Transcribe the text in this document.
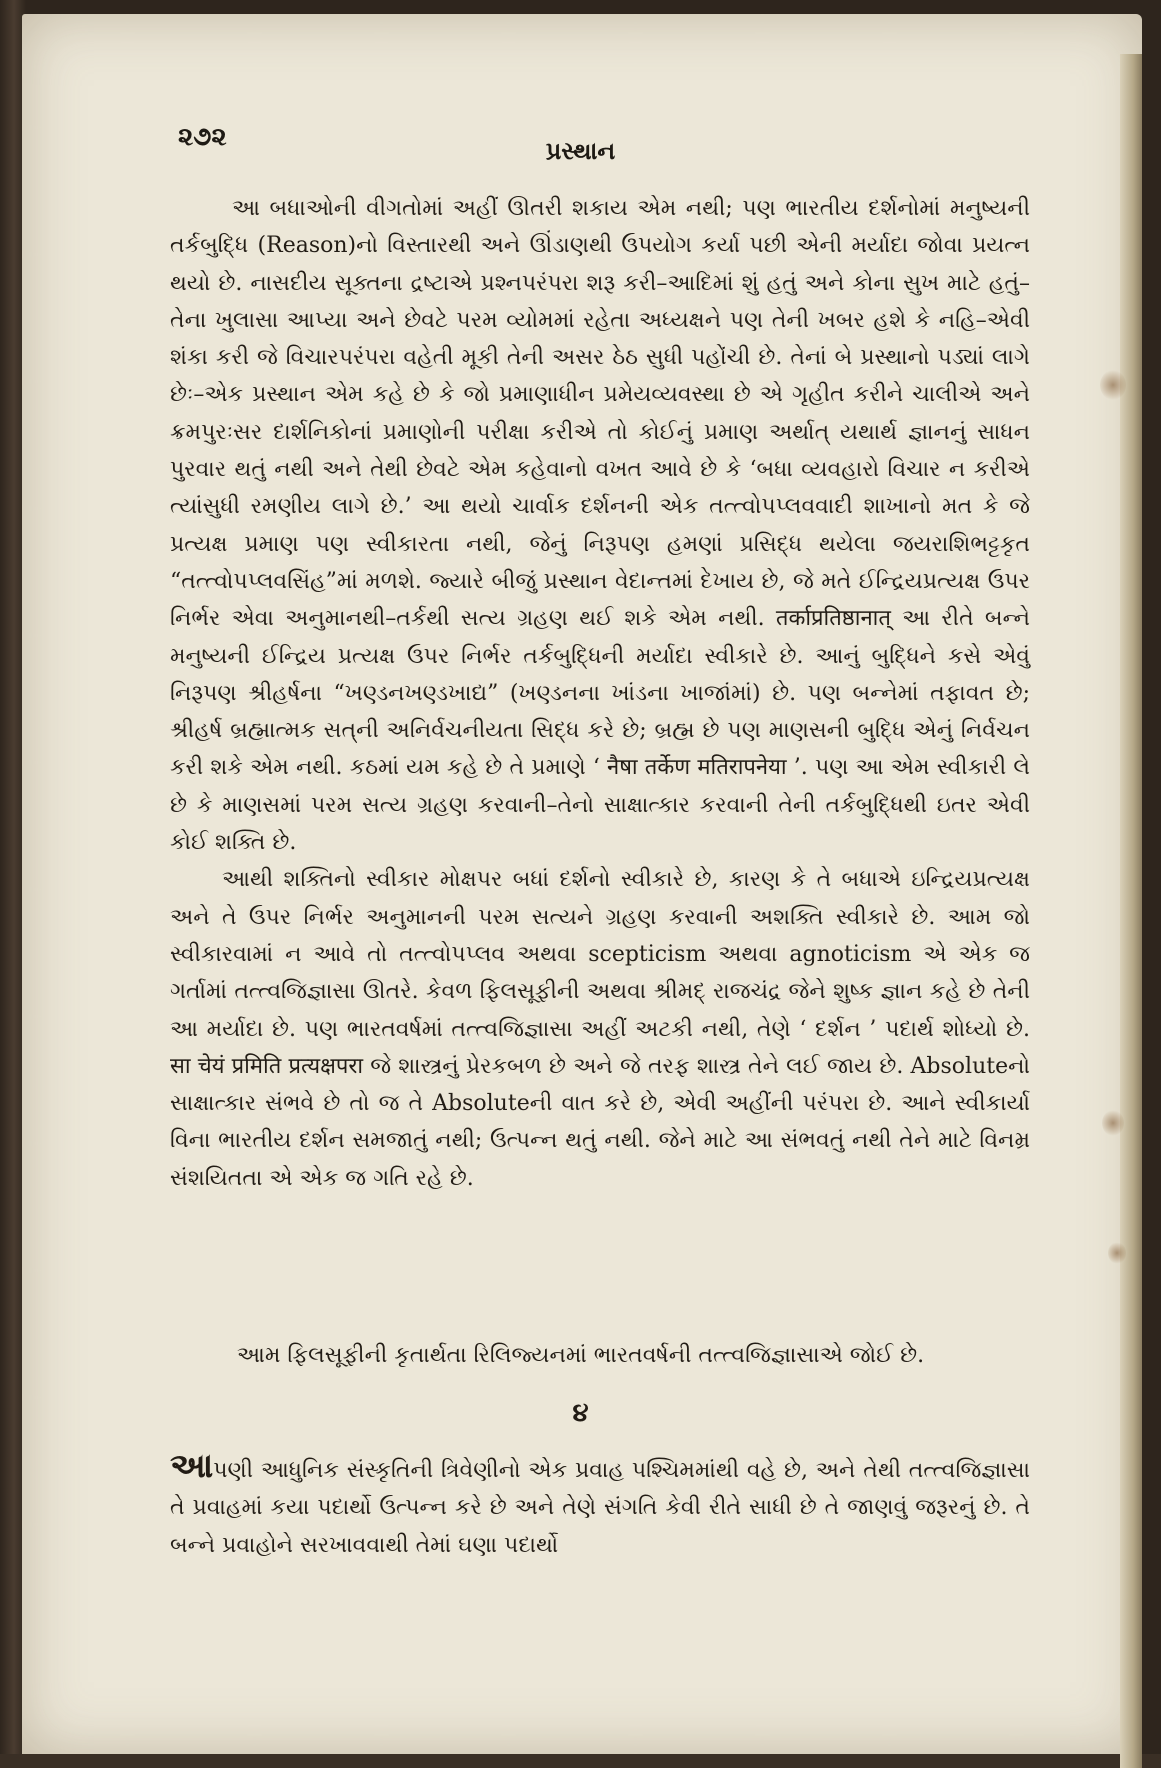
૨૭૨	પ્રસ્થાન

આ બધાઓની વીગતોમાં અહીં ઊતરી શકાય એમ નથી; પણ ભારતીય દર્શનોમાં મનુષ્યની તર્કબુદ્ધિ (Reason)નો વિસ્તારથી અને ઊંડાણથી ઉપયોગ કર્યા પછી એની મર્યાદા જોવા પ્રયત્ન થયો છે. નાસદીય સૂક્તના દ્રષ્ટાએ પ્રશ્નપરંપરા શરૂ કરી–આદિમાં શું હતું અને કોના સુખ માટે હતું–તેના ખુલાસા આપ્યા અને છેવટે પરમ વ્યોમમાં રહેતા અધ્યક્ષને પણ તેની ખબર હશે કે નહિ–એવી શંકા કરી જે વિચારપરંપરા વહેતી મૂકી તેની અસર ઠેઠ સુધી પહોંચી છે. તેનાં બે પ્રસ્થાનો પડ્યાં લાગે છેઃ–એક પ્રસ્થાન એમ કહે છે કે જો પ્રમાણાધીન પ્રમેયવ્યવસ્થા છે એ ગૃહીત કરીને ચાલીએ અને ક્રમપુરઃસર દાર્શનિકોનાં પ્રમાણોની પરીક્ષા કરીએ તો કોઈનું પ્રમાણ અર્થાત્ યથાર્થ જ્ઞાનનું સાધન પુરવાર થતું નથી અને તેથી છેવટે એમ કહેવાનો વખત આવે છે કે ‘બધા વ્યવહારો વિચાર ન કરીએ ત્યાંસુધી રમણીય લાગે છે.’ આ થયો ચાર્વાક દર્શનની એક તત્ત્વોપપ્લવવાદી શાખાનો મત કે જે પ્રત્યક્ષ પ્રમાણ પણ સ્વીકારતા નથી, જેનું નિરૂપણ હમણાં પ્રસિદ્ધ થયેલા જયરાશિભટ્ટકૃત “તત્ત્વોપપ્લવસિંહ”માં મળશે. જ્યારે બીજું પ્રસ્થાન વેદાન્તમાં દેખાય છે, જે મતે ઈન્દ્રિયપ્રત્યક્ષ ઉપર નિર્ભર એવા અનુમાનથી–તર્કથી સત્ય ગ્રહણ થઈ શકે એમ નથી. तर्काप्रतिष्ठानात् આ રીતે બન્ને મનુષ્યની ઈન્દ્રિય પ્રત્યક્ષ ઉપર નિર્ભર તર્કબુદ્ધિની મર્યાદા સ્વીકારે છે. આનું બુદ્ધિને કસે એવું નિરૂપણ શ્રીહર્ષના “ખણ્ડનખણ્ડખાદ્ય” (ખણ્ડનના ખાંડના ખાજાંમાં) છે. પણ બન્નેમાં તફાવત છે; શ્રીહર્ષ બ્રહ્માત્મક સત્‌ની અનિર્વચનીયતા સિદ્ધ કરે છે; બ્રહ્મ છે પણ માણસની બુદ્ધિ એનું નિર્વચન કરી શકે એમ નથી. કઠમાં યમ કહે છે તે પ્રમાણે ‘ नैषा तर्केण मतिरापनेया ’. પણ આ એમ સ્વીકારી લે છે કે માણસમાં પરમ સત્ય ગ્રહણ કરવાની–તેનો સાક્ષાત્કાર કરવાની તેની તર્કબુદ્ધિથી ઇતર એવી કોઈ શક્તિ છે.

આથી શક્તિનો સ્વીકાર મોક્ષપર બધાં દર્શનો સ્વીકારે છે, કારણ કે તે બધાએ ઇન્દ્રિયપ્રત્યક્ષ અને તે ઉપર નિર્ભર અનુમાનની પરમ સત્યને ગ્રહણ કરવાની અશક્તિ સ્વીકારે છે. આમ જો સ્વીકારવામાં ન આવે તો તત્ત્વોપપ્લવ અથવા scepticism અથવા agnoticism એ એક જ ગર્તામાં તત્ત્વજિજ્ઞાસા ઊતરે. કેવળ ફિલસૂફીની અથવા શ્રીમદ્ રાજચંદ્ર જેને શુષ્ક જ્ઞાન કહે છે તેની આ મર્યાદા છે. પણ ભારતવર્ષમાં તત્ત્વજિજ્ઞાસા અહીં અટકી નથી, તેણે ‘ દર્શન ’ પદાર્થ શોધ્યો છે. सा चेयं प्रमिति प्रत्यक्षपरा જે શાસ્ત્રનું પ્રેરકબળ છે અને જે તરફ શાસ્ત્ર તેને લઈ જાય છે. Absoluteનો સાક્ષાત્કાર સંભવે છે તો જ તે Absoluteની વાત કરે છે, એવી અહીંની પરંપરા છે. આને સ્વીકાર્યા વિના ભારતીય દર્શન સમજાતું નથી; ઉત્પન્ન થતું નથી. જેને માટે આ સંભવતું નથી તેને માટે વિનમ્ર સંશયિતતા એ એક જ ગતિ રહે છે.

આમ ફિલસૂફીની કૃતાર્થતા રિલિજ્યનમાં ભારતવર્ષની તત્ત્વજિજ્ઞાસાએ જોઈ છે.
૪

આપણી આધુનિક સંસ્કૃતિની ત્રિવેણીનો એક પ્રવાહ પશ્ચિમમાંથી વહે છે, અને તેથી તત્ત્વજિજ્ઞાસા તે પ્રવાહમાં કયા પદાર્થો ઉત્પન્ન કરે છે અને તેણે સંગતિ કેવી રીતે સાધી છે તે જાણવું જરૂરનું છે. તે બન્ને પ્રવાહોને સરખાવવાથી તેમાં ઘણા પદાર્થો
